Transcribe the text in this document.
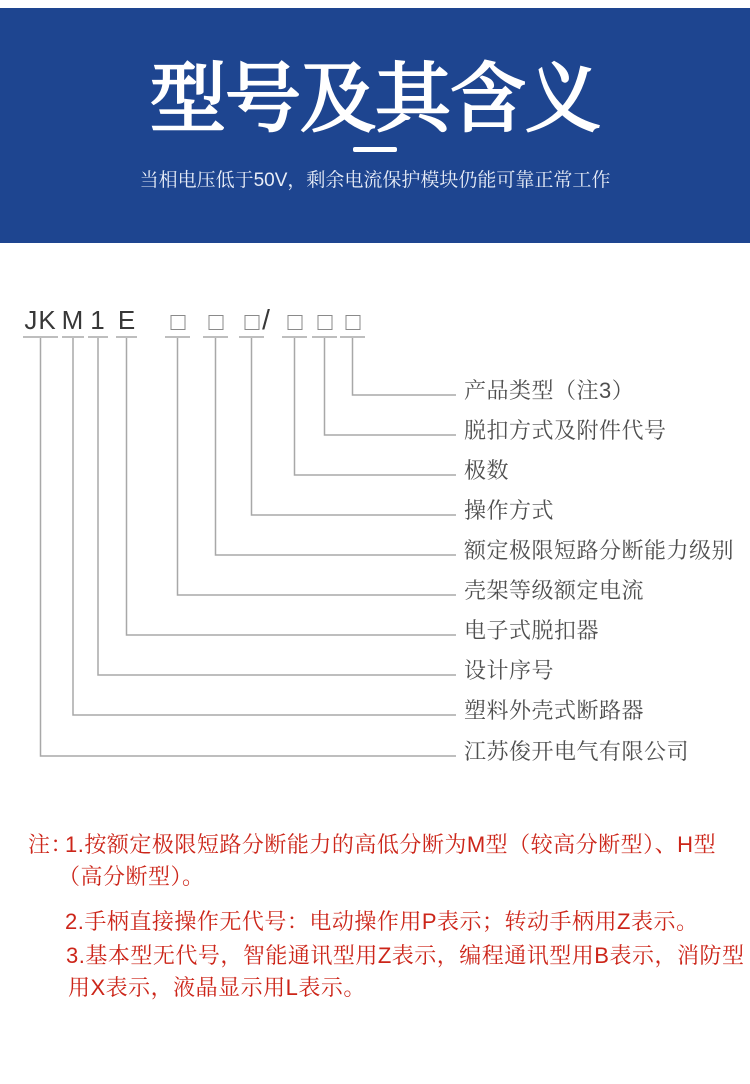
型号及其含义

当相电压低于50V，剩余电流保护模块仍能可靠正常工作

JK M 1 E	/
产品类型（注3）
脱扣方式及附件代号
极数
操作方式
额定极限短路分断能力级别
壳架等级额定电流
电子式脱扣器
设计序号
塑料外壳式断路器
江苏俊开电气有限公司
注：
1.按额定极限短路分断能力的高低分断为M型（较高分断型）、H型
（高分断型）。
2.手柄直接操作无代号：电动操作用P表示；转动手柄用Z表示。
3.基本型无代号，智能通讯型用Z表示，编程通讯型用B表示，消防型
用X表示，液晶显示用L表示。
